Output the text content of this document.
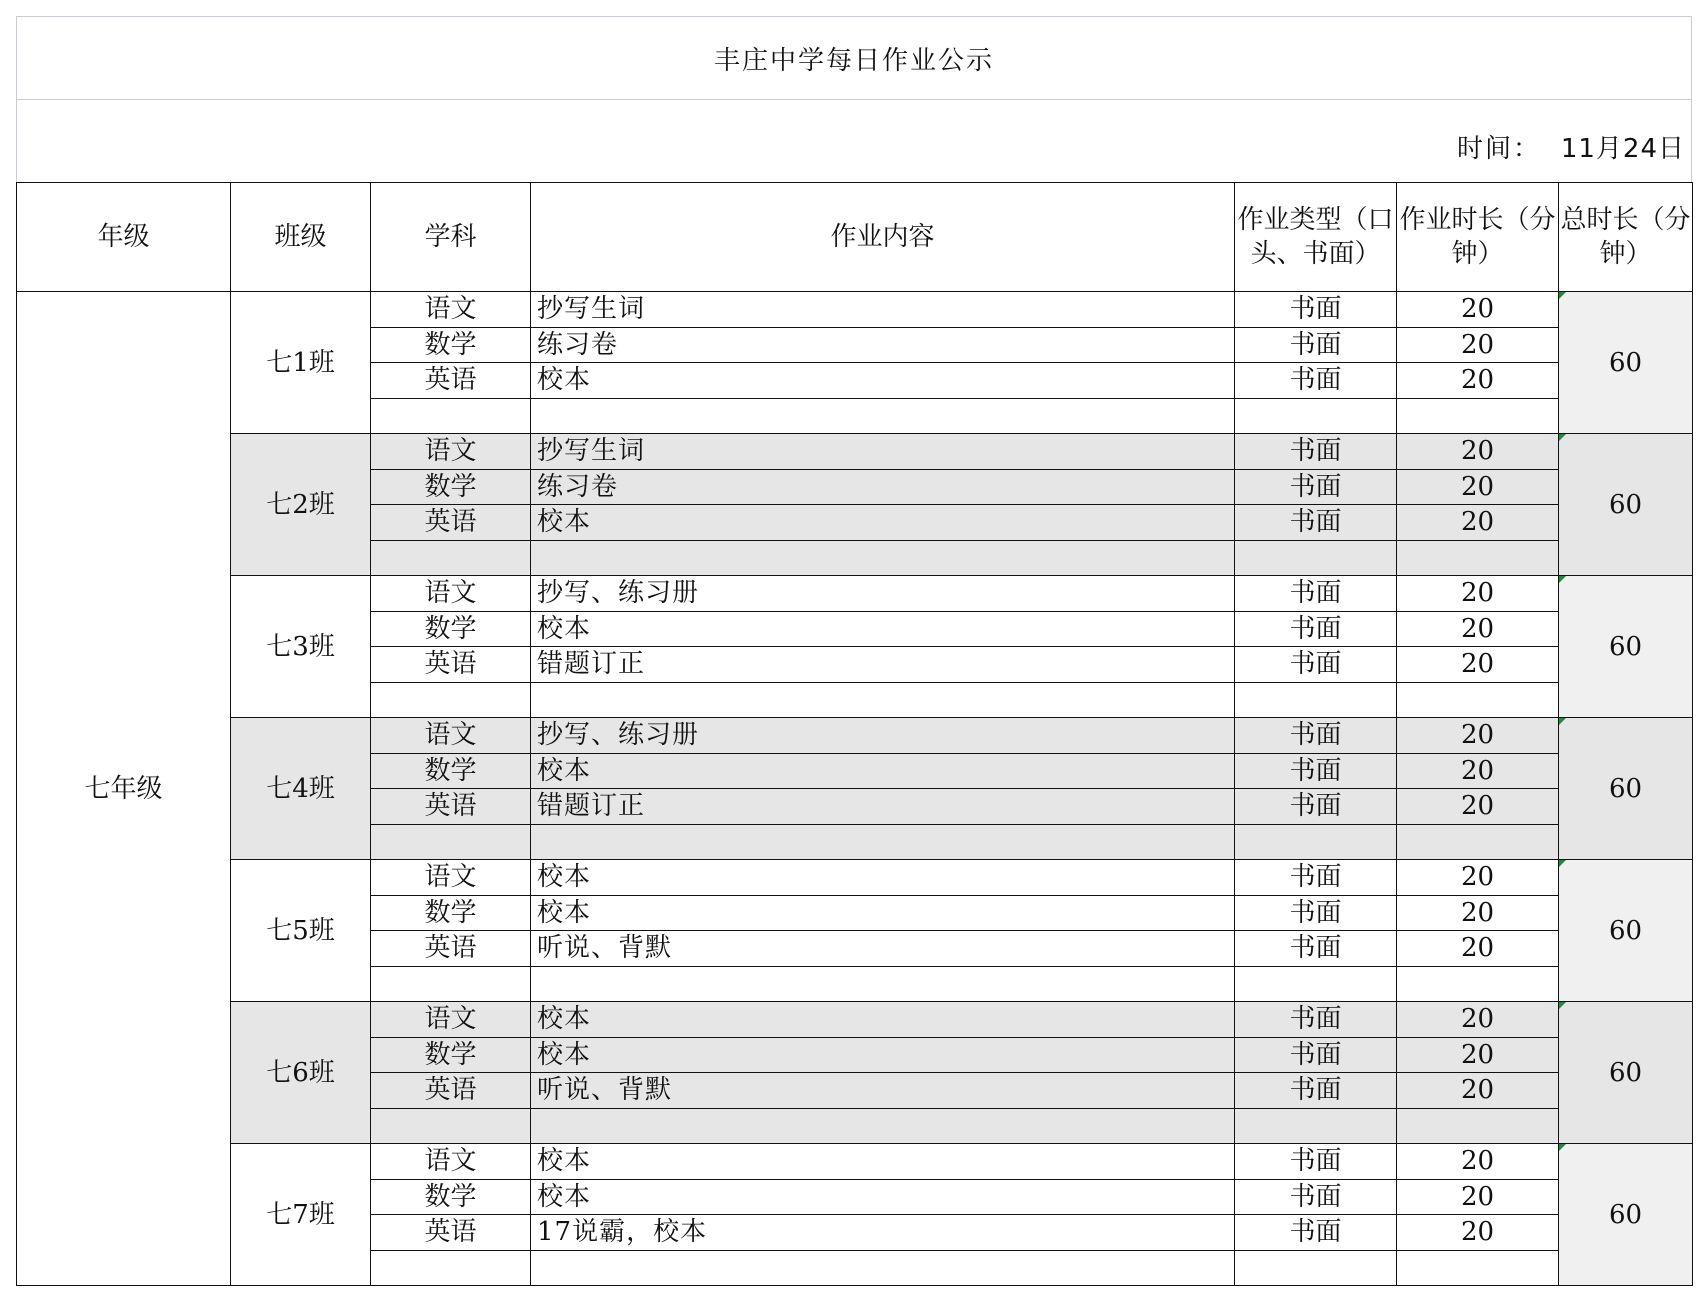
丰庄中学每日作业公示
时间： 11月24日
年级	班级	学科	作业内容	作业类型（口头、书面）	作业时长（分钟）	总时长（分钟）
七年级	七1班	语文	抄写生词	书面	20	60
		数学	练习卷	书面	20	
		英语	校本	书面	20	

	七2班	语文	抄写生词	书面	20	60
		数学	练习卷	书面	20	
		英语	校本	书面	20	

	七3班	语文	抄写、练习册	书面	20	60
		数学	校本	书面	20	
		英语	错题订正	书面	20	

	七4班	语文	抄写、练习册	书面	20	60
		数学	校本	书面	20	
		英语	错题订正	书面	20	

	七5班	语文	校本	书面	20	60
		数学	校本	书面	20	
		英语	听说、背默	书面	20	

	七6班	语文	校本	书面	20	60
		数学	校本	书面	20	
		英语	听说、背默	书面	20	

	七7班	语文	校本	书面	20	60
		数学	校本	书面	20	
		英语	17说霸，校本	书面	20	
